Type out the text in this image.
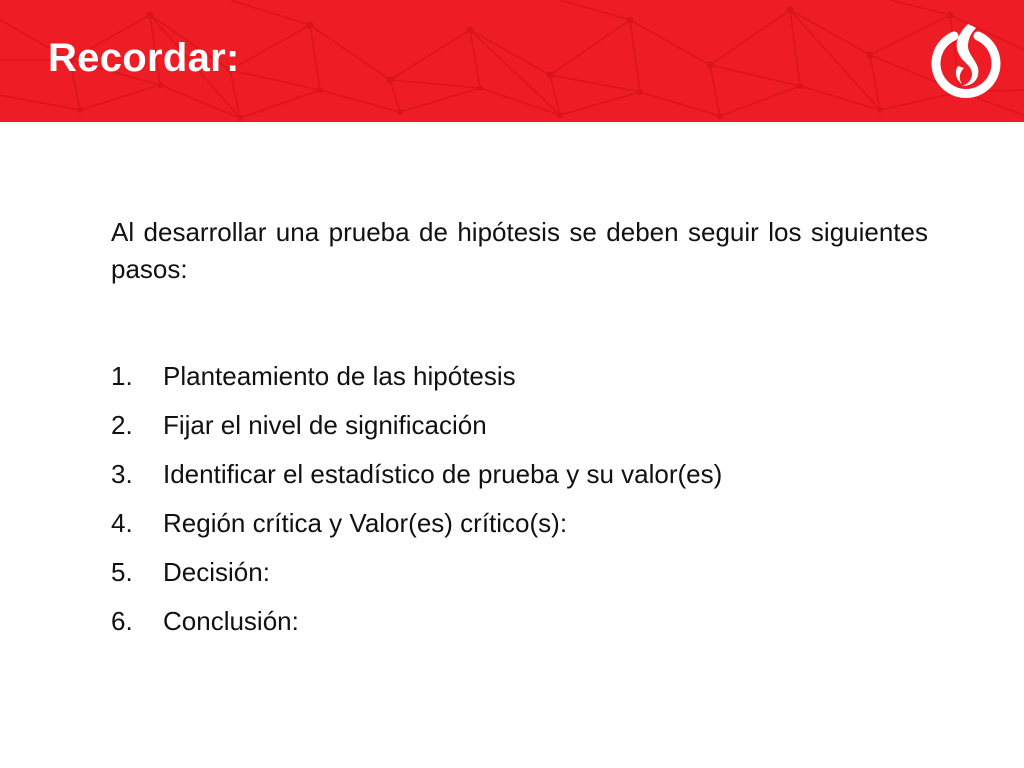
Recordar:

Al desarrollar una prueba de hipótesis se deben seguir los siguientes pasos:

1.	Planteamiento de las hipótesis
2.	Fijar el nivel de significación
3.	Identificar el estadístico de prueba y su valor(es)
4.	Región crítica y Valor(es) crítico(s):
5.	Decisión:
6.	Conclusión:
